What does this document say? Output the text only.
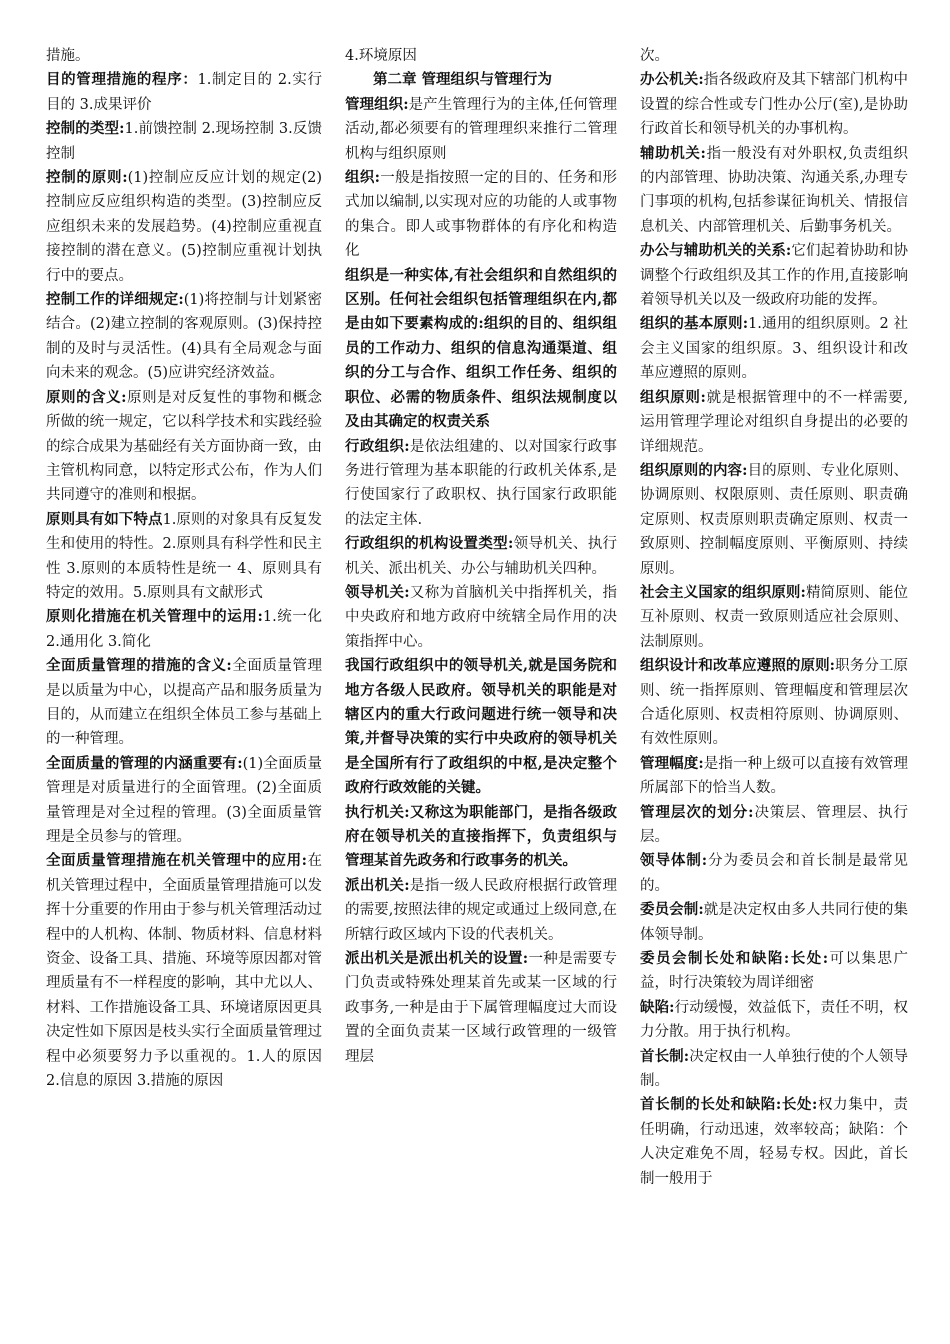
措施。
目的管理措施的程序：1.制定目的 2.实行目的 3.成果评价
控制的类型:1.前馈控制 2.现场控制 3.反馈控制
控制的原则:(1)控制应反应计划的规定(2)控制应反应组织构造的类型。(3)控制应反应组织未来的发展趋势。(4)控制应重视直接控制的潜在意义。(5)控制应重视计划执行中的要点。
控制工作的详细规定:(1)将控制与计划紧密结合。(2)建立控制的客观原则。(3)保持控制的及时与灵活性。(4)具有全局观念与面向未来的观念。(5)应讲究经济效益。
原则的含义:原则是对反复性的事物和概念所做的统一规定，它以科学技术和实践经验的综合成果为基础经有关方面协商一致，由主管机构同意，以特定形式公布，作为人们共同遵守的准则和根据。
原则具有如下特点1.原则的对象具有反复发生和使用的特性。2.原则具有科学性和民主性 3.原则的本质特性是统一 4、原则具有特定的效用。5.原则具有文献形式
原则化措施在机关管理中的运用:1.统一化 2.通用化 3.简化
全面质量管理的措施的含义:全面质量管理是以质量为中心，以提高产品和服务质量为目的，从而建立在组织全体员工参与基础上的一种管理。
全面质量的管理的内涵重要有:(1)全面质量管理是对质量进行的全面管理。(2)全面质量管理是对全过程的管理。(3)全面质量管理是全员参与的管理。
全面质量管理措施在机关管理中的应用:在机关管理过程中，全面质量管理措施可以发挥十分重要的作用由于参与机关管理活动过程中的人机构、体制、物质材料、信息材料资金、设备工具、措施、环境等原因都对管理质量有不一样程度的影响，其中尤以人、材料、工作措施设备工具、环境诸原因更具决定性如下原因是枝头实行全面质量管理过程中必须要努力予以重视的。1.人的原因 2.信息的原因 3.措施的原因
4.环境原因
第二章 管理组织与管理行为
管理组织:是产生管理行为的主体,任何管理活动,都必须要有的管理理织来推行二管理机构与组织原则
组织:一般是指按照一定的目的、任务和形式加以编制,以实现对应的功能的人或事物的集合。即人或事物群体的有序化和构造化
组织是一种实体,有社会组织和自然组织的区别。任何社会组织包括管理组织在内,都是由如下要素构成的:组织的目的、组织组员的工作动力、组织的信息沟通渠道、组织的分工与合作、组织工作任务、组织的职位、必需的物质条件、组织法规制度以及由其确定的权责关系
行政组织:是依法组建的、以对国家行政事务进行管理为基本职能的行政机关体系,是行使国家行了政职权、执行国家行政职能的法定主体.
行政组织的机构设置类型:领导机关、执行机关、派出机关、办公与辅助机关四种。
领导机关:又称为首脑机关中指挥机关，指中央政府和地方政府中统辖全局作用的决策指挥中心。
我国行政组织中的领导机关,就是国务院和地方各级人民政府。领导机关的职能是对辖区内的重大行政问题进行统一领导和决策,并督导决策的实行中央政府的领导机关是全国所有行了政组织的中枢,是决定整个政府行政效能的关键。
执行机关:又称这为职能部门，是指各级政府在领导机关的直接指挥下，负责组织与管理某首先政务和行政事务的机关。
派出机关:是指一级人民政府根据行政管理的需要,按照法律的规定或通过上级同意,在所辖行政区域内下设的代表机关。
派出机关是派出机关的设置:一种是需要专门负责或特殊处理某首先或某一区域的行政事务,一种是由于下属管理幅度过大而设置的全面负责某一区域行政管理的一级管理层
次。
办公机关:指各级政府及其下辖部门机构中设置的综合性或专门性办公厅(室),是协助行政首长和领导机关的办事机构。
辅助机关:指一般没有对外职权,负责组织的内部管理、协助决策、沟通关系,办理专门事项的机构,包括参谋征询机关、情报信息机关、内部管理机关、后勤事务机关。
办公与辅助机关的关系:它们起着协助和协调整个行政组织及其工作的作用,直接影响着领导机关以及一级政府功能的发挥。
组织的基本原则:1.通用的组织原则。2 社会主义国家的组织原。3、组织设计和改革应遵照的原则。
组织原则:就是根据管理中的不一样需要,运用管理学理论对组织自身提出的必要的详细规范。
组织原则的内容:目的原则、专业化原则、协调原则、权限原则、责任原则、职责确定原则、权责原则职责确定原则、权责一致原则、控制幅度原则、平衡原则、持续原则。
社会主义国家的组织原则:精简原则、能位互补原则、权责一致原则适应社会原则、法制原则。
组织设计和改革应遵照的原则:职务分工原则、统一指挥原则、管理幅度和管理层次合适化原则、权责相符原则、协调原则、有效性原则。
管理幅度:是指一种上级可以直接有效管理所属部下的恰当人数。
管理层次的划分:决策层、管理层、执行层。
领导体制:分为委员会和首长制是最常见的。
委员会制:就是决定权由多人共同行使的集体领导制。
委员会制长处和缺陷:长处:可以集思广益，时行决策较为周详细密
缺陷:行动缓慢，效益低下，责任不明，权力分散。用于执行机构。
首长制:决定权由一人单独行使的个人领导制。
首长制的长处和缺陷:长处:权力集中，责任明确，行动迅速，效率较高；缺陷：个人决定难免不周，轻易专权。因此，首长制一般用于
